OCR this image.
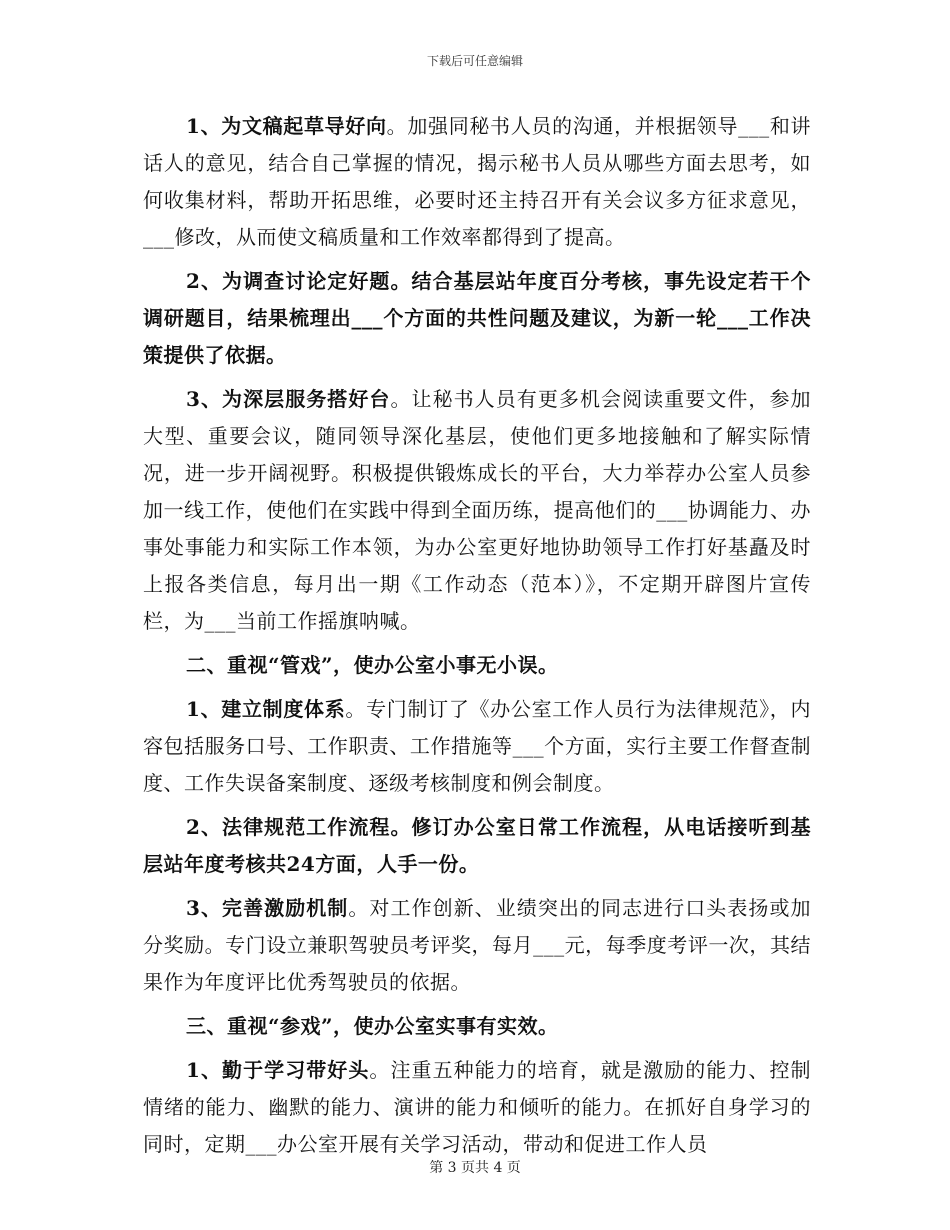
下载后可任意编辑

1、为文稿起草导好向。加强同秘书人员的沟通，并根据领导___和讲话人的意见，结合自己掌握的情况，揭示秘书人员从哪些方面去思考，如何收集材料，帮助开拓思维，必要时还主持召开有关会议多方征求意见，___修改，从而使文稿质量和工作效率都得到了提高。

2、为调查讨论定好题。结合基层站年度百分考核，事先设定若干个调研题目，结果梳理出___个方面的共性问题及建议，为新一轮___工作决策提供了依据。

3、为深层服务搭好台。让秘书人员有更多机会阅读重要文件，参加大型、重要会议，随同领导深化基层，使他们更多地接触和了解实际情况，进一步开阔视野。积极提供锻炼成长的平台，大力举荐办公室人员参加一线工作，使他们在实践中得到全面历练，提高他们的___协调能力、办事处事能力和实际工作本领，为办公室更好地协助领导工作打好基矗及时上报各类信息，每月出一期《工作动态（范本）》，不定期开辟图片宣传栏，为___当前工作摇旗呐喊。

二、重视“管戏”，使办公室小事无小误。

1、建立制度体系。专门制订了《办公室工作人员行为法律规范》，内容包括服务口号、工作职责、工作措施等___个方面，实行主要工作督查制度、工作失误备案制度、逐级考核制度和例会制度。

2、法律规范工作流程。修订办公室日常工作流程，从电话接听到基层站年度考核共24方面，人手一份。

3、完善激励机制。对工作创新、业绩突出的同志进行口头表扬或加分奖励。专门设立兼职驾驶员考评奖，每月___元，每季度考评一次，其结果作为年度评比优秀驾驶员的依据。

三、重视“参戏”，使办公室实事有实效。

1、勤于学习带好头。注重五种能力的培育，就是激励的能力、控制情绪的能力、幽默的能力、演讲的能力和倾听的能力。在抓好自身学习的同时，定期___办公室开展有关学习活动，带动和促进工作人员

第 3 页共 4 页
